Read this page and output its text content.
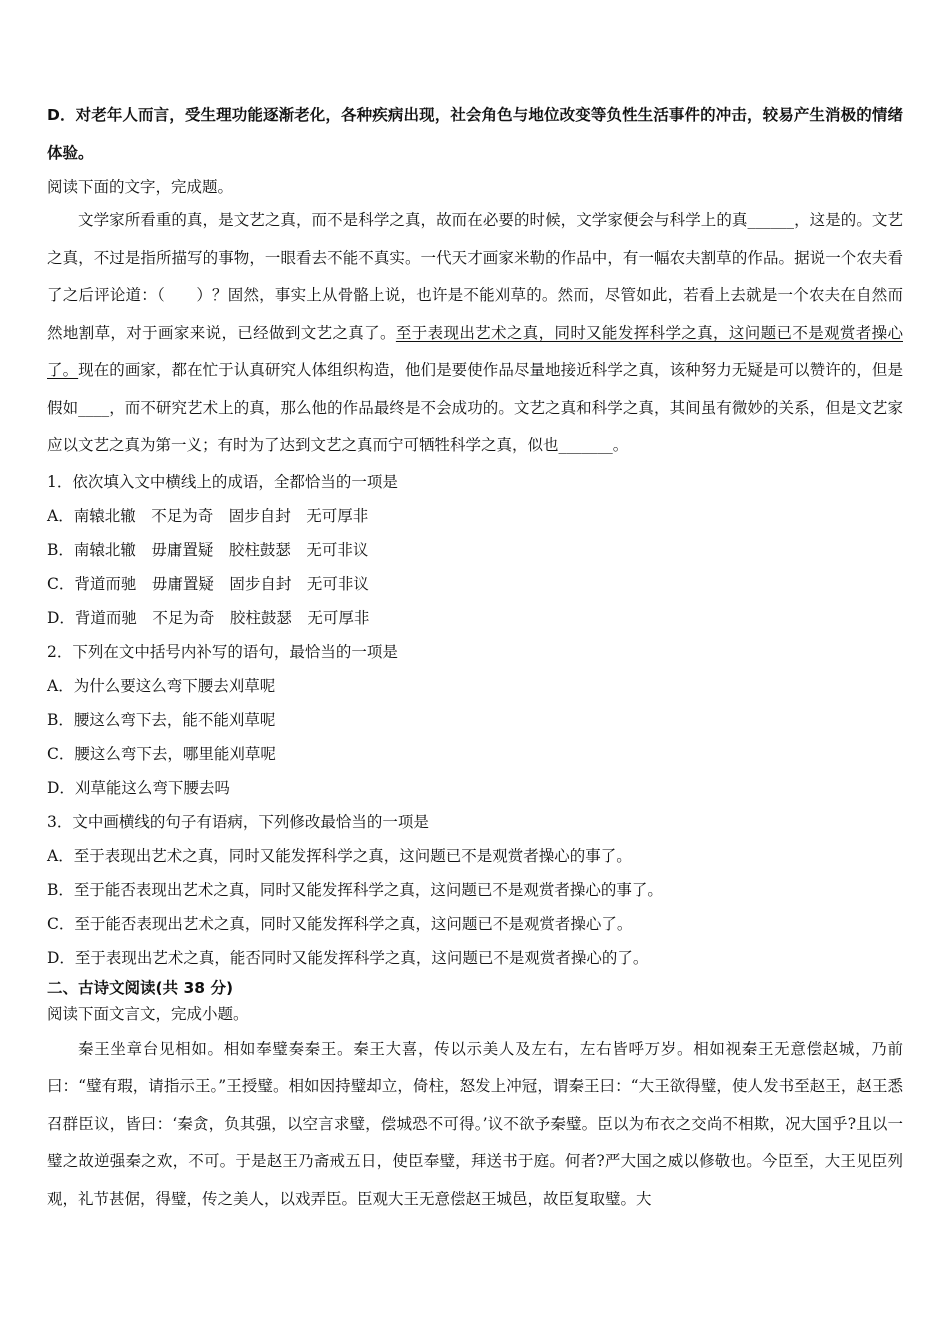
D．对老年人而言，受生理功能逐渐老化，各种疾病出现，社会角色与地位改变等负性生活事件的冲击，较易产生消极的情绪体验。

阅读下面的文字，完成题。

文学家所看重的真，是文艺之真，而不是科学之真，故而在必要的时候，文学家便会与科学上的真______，这是的。文艺之真，不过是指所描写的事物，一眼看去不能不真实。一代天才画家米勒的作品中，有一幅农夫割草的作品。据说一个农夫看了之后评论道：（　　）？固然，事实上从骨骼上说，也许是不能刈草的。然而，尽管如此，若看上去就是一个农夫在自然而然地割草，对于画家来说，已经做到文艺之真了。至于表现出艺术之真，同时又能发挥科学之真，这问题已不是观赏者操心了。现在的画家，都在忙于认真研究人体组织构造，他们是要使作品尽量地接近科学之真，该种努力无疑是可以赞许的，但是假如____，而不研究艺术上的真，那么他的作品最终是不会成功的。文艺之真和科学之真，其间虽有微妙的关系，但是文艺家应以文艺之真为第一义；有时为了达到文艺之真而宁可牺牲科学之真，似也_______。

1．依次填入文中横线上的成语，全都恰当的一项是

A．南辕北辙　不足为奇　固步自封　无可厚非

B．南辕北辙　毋庸置疑　胶柱鼓瑟　无可非议

C．背道而驰　毋庸置疑　固步自封　无可非议

D．背道而驰　不足为奇　胶柱鼓瑟　无可厚非

2．下列在文中括号内补写的语句，最恰当的一项是

A．为什么要这么弯下腰去刈草呢

B．腰这么弯下去，能不能刈草呢

C．腰这么弯下去，哪里能刈草呢

D．刈草能这么弯下腰去吗

3．文中画横线的句子有语病，下列修改最恰当的一项是

A．至于表现出艺术之真，同时又能发挥科学之真，这问题已不是观赏者操心的事了。

B．至于能否表现出艺术之真，同时又能发挥科学之真，这问题已不是观赏者操心的事了。

C．至于能否表现出艺术之真，同时又能发挥科学之真，这问题已不是观赏者操心了。

D．至于表现出艺术之真，能否同时又能发挥科学之真，这问题已不是观赏者操心的了。

二、古诗文阅读(共 38 分)

阅读下面文言文，完成小题。

秦王坐章台见相如。相如奉璧奏秦王。秦王大喜，传以示美人及左右，左右皆呼万岁。相如视秦王无意偿赵城，乃前曰：“璧有瑕，请指示王。”王授璧。相如因持璧却立，倚柱，怒发上冲冠，谓秦王曰：“大王欲得璧，使人发书至赵王，赵王悉召群臣议，皆曰：‘秦贪，负其强，以空言求璧，偿城恐不可得。’议不欲予秦璧。臣以为布衣之交尚不相欺，况大国乎?且以一璧之故逆强秦之欢，不可。于是赵王乃斋戒五日，使臣奉璧，拜送书于庭。何者?严大国之威以修敬也。今臣至，大王见臣列观，礼节甚倨，得璧，传之美人，以戏弄臣。臣观大王无意偿赵王城邑，故臣复取璧。大
